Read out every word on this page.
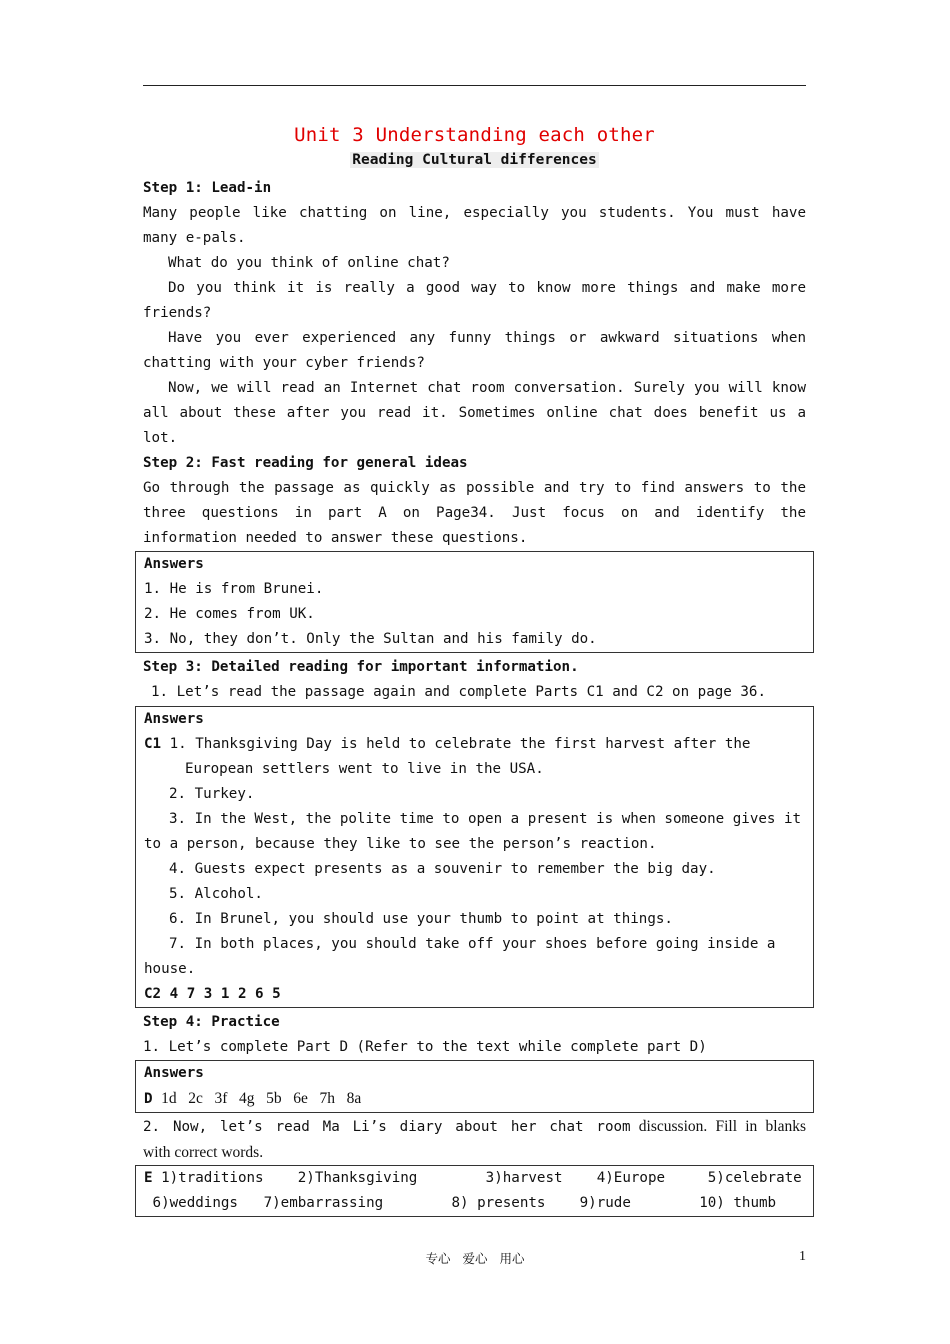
Unit 3 Understanding each other
Reading Cultural differences

Step 1: Lead-in

Many people like chatting on line, especially you students. You must have many e-pals.

What do you think of online chat?

Do you think it is really a good way to know more things and make more friends?

Have you ever experienced any funny things or awkward situations when chatting with your cyber friends?

Now, we will read an Internet chat room conversation. Surely you will know all about these after you read it. Sometimes online chat does benefit us a lot.

Step 2: Fast reading for general ideas

Go through the passage as quickly as possible and try to find answers to the three questions in part A on Page34. Just focus on and identify the information needed to answer these questions.

Answers

1. He is from Brunei.

2. He comes from UK.

3. No, they don’t. Only the Sultan and his family do.

Step 3: Detailed reading for important information.

1. Let’s read the passage again and complete Parts C1 and C2 on page 36.

Answers

C1 1. Thanksgiving Day is held to celebrate the first harvest after the

European settlers went to live in the USA.

2. Turkey.

3. In the West, the polite time to open a present is when someone gives it

to a person, because they like to see the person’s reaction.

4. Guests expect presents as a souvenir to remember the big day.

5. Alcohol.

6. In Brunel, you should use your thumb to point at things.

7. In both places, you should take off your shoes before going inside a

house.

C2 4 7 3 1 2 6 5

Step 4: Practice

1. Let’s complete Part D (Refer to the text while complete part D)

Answers

D 1d   2c   3f   4g   5b   6e   7h   8a

2. Now, let’s read Ma Li’s diary about her chat room discussion. Fill in blanks

with correct words.

E 1)traditions    2)Thanksgiving        3)harvest    4)Europe     5)celebrate

6)weddings   7)embarrassing        8) presents    9)rude        10) thumb

专心 爱心 用心	1
